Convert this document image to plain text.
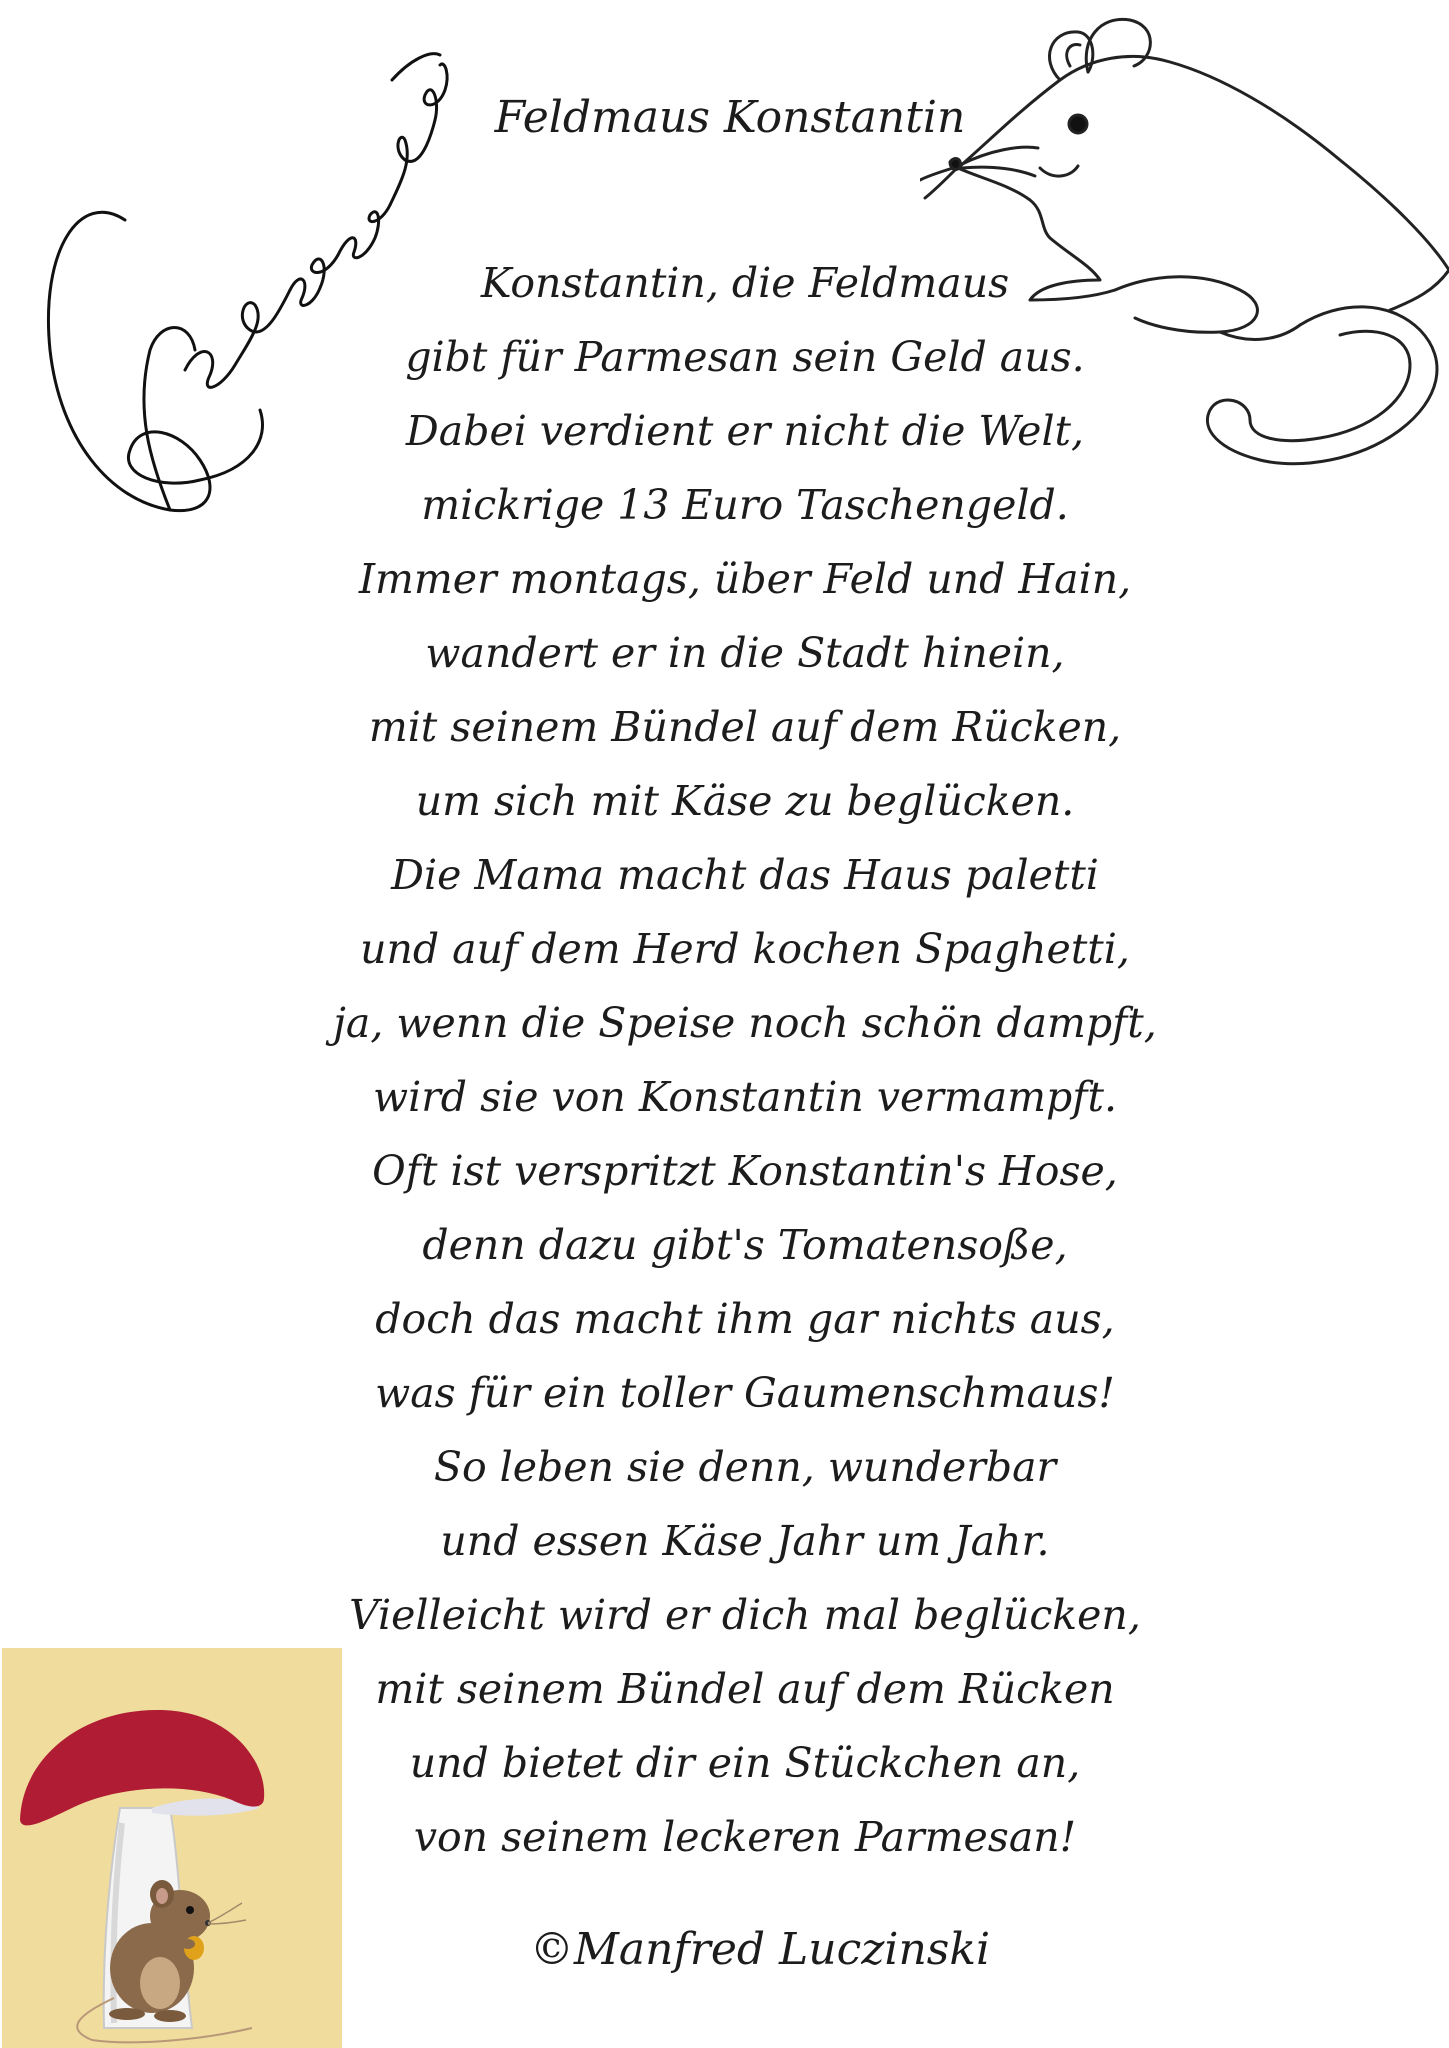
Feldmaus Konstantin
Konstantin, die Feldmaus
gibt für Parmesan sein Geld aus.
Dabei verdient er nicht die Welt,
mickrige 13 Euro Taschengeld.
Immer montags, über Feld und Hain,
wandert er in die Stadt hinein,
mit seinem Bündel auf dem Rücken,
um sich mit Käse zu beglücken.
Die Mama macht das Haus paletti
und auf dem Herd kochen Spaghetti,
ja, wenn die Speise noch schön dampft,
wird sie von Konstantin vermampft.
Oft ist verspritzt Konstantin's Hose,
denn dazu gibt's Tomatensoße,
doch das macht ihm gar nichts aus,
was für ein toller Gaumenschmaus!
So leben sie denn, wunderbar
und essen Käse Jahr um Jahr.
Vielleicht wird er dich mal beglücken,
mit seinem Bündel auf dem Rücken
und bietet dir ein Stückchen an,
von seinem leckeren Parmesan!
©Manfred Luczinski
